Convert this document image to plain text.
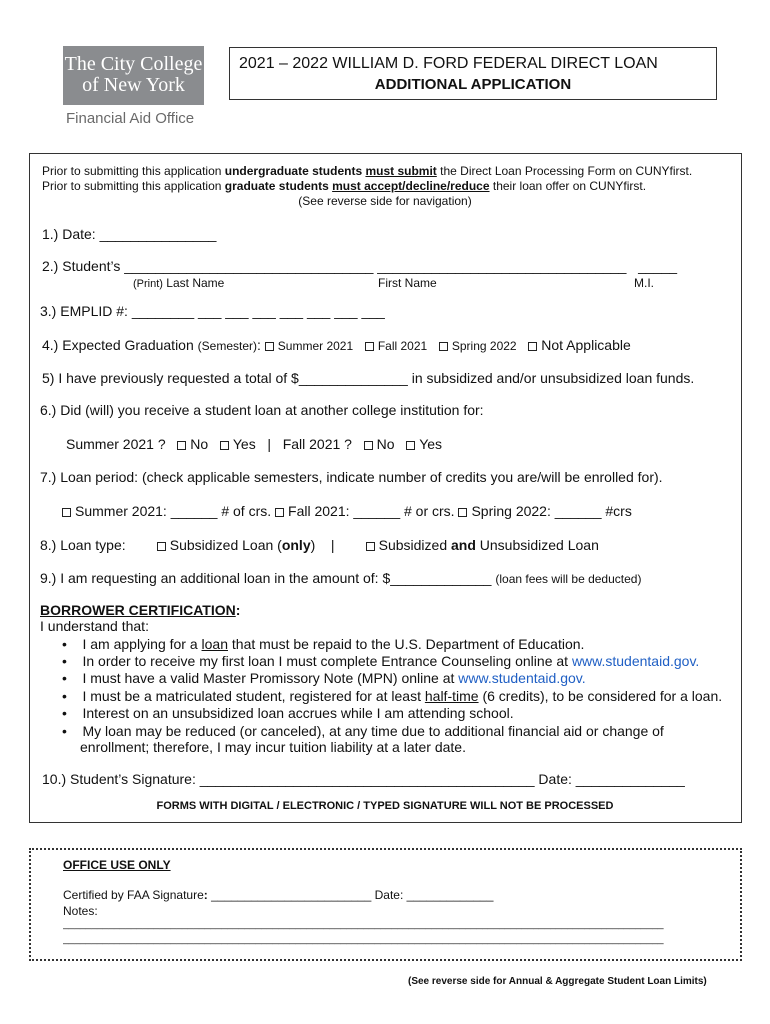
The City College
of New York
Financial Aid Office
2021 – 2022 WILLIAM D. FORD FEDERAL DIRECT LOAN
ADDITIONAL APPLICATION
Prior to submitting this application undergraduate students must submit the Direct Loan Processing Form on CUNYfirst.
Prior to submitting this application graduate students must accept/decline/reduce their loan offer on CUNYfirst.
(See reverse side for navigation)
1.) Date: _______________
2.) Student’s ________________________________ ________________________________ _____
(Print) Last Name	First Name	M.I.
3.) EMPLID #: ________ ___ ___ ___ ___ ___ ___ ___
4.) Expected Graduation (Semester): Summer 2021 Fall 2021 Spring 2022 Not Applicable
5) I have previously requested a total of $______________ in subsidized and/or unsubsidized loan funds.
6.) Did (will) you receive a student loan at another college institution for:
Summer 2021 ? No Yes | Fall 2021 ? No Yes
7.) Loan period: (check applicable semesters, indicate number of credits you are/will be enrolled for).
Summer 2021: ______ # of crs. Fall 2021: ______ # or crs. Spring 2022: ______ #crs
8.) Loan type:	Subsidized Loan (only) |	Subsidized and Unsubsidized Loan
9.) I am requesting an additional loan in the amount of: $_____________ (loan fees will be deducted)
BORROWER CERTIFICATION:
I understand that:
•    I am applying for a loan that must be repaid to the U.S. Department of Education.
•    In order to receive my first loan I must complete Entrance Counseling online at www.studentaid.gov.
•    I must have a valid Master Promissory Note (MPN) online at www.studentaid.gov.
•    I must be a matriculated student, registered for at least half-time (6 credits), to be considered for a loan.
•    Interest on an unsubsidized loan accrues while I am attending school.
•    My loan may be reduced (or canceled), at any time due to additional financial aid or change of
enrollment; therefore, I may incur tuition liability at a later date.
10.) Student’s Signature: ___________________________________________ Date: ______________
FORMS WITH DIGITAL / ELECTRONIC / TYPED SIGNATURE WILL NOT BE PROCESSED
OFFICE USE ONLY
Certified by FAA Signature: ________________________ Date: _____________
Notes:
__________________________________________________________________________________________________________
__________________________________________________________________________________________________________
(See reverse side for Annual & Aggregate Student Loan Limits)
